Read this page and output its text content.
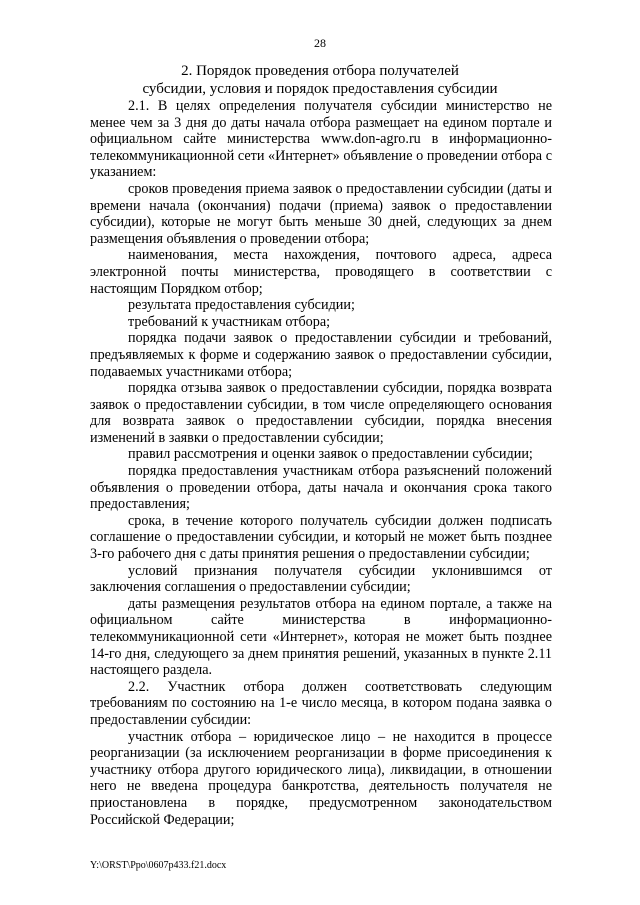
28
2. Порядок проведения отбора получателей
субсидии, условия и порядок предоставления субсидии

2.1. В целях определения получателя субсидии министерство не менее чем за 3 дня до даты начала отбора размещает на едином портале и официальном сайте министерства www.don-agro.ru в информационно-телекоммуникационной сети «Интернет» объявление о проведении отбора с указанием:

сроков проведения приема заявок о предоставлении субсидии (даты и времени начала (окончания) подачи (приема) заявок о предоставлении субсидии), которые не могут быть меньше 30 дней, следующих за днем размещения объявления о проведении отбора;

наименования, места нахождения, почтового адреса, адреса электронной почты министерства, проводящего в соответствии с настоящим Порядком отбор;

результата предоставления субсидии;

требований к участникам отбора;

порядка подачи заявок о предоставлении субсидии и требований, предъявляемых к форме и содержанию заявок о предоставлении субсидии, подаваемых участниками отбора;

порядка отзыва заявок о предоставлении субсидии, порядка возврата заявок о предоставлении субсидии, в том числе определяющего основания для возврата заявок о предоставлении субсидии, порядка внесения изменений в заявки о предоставлении субсидии;

правил рассмотрения и оценки заявок о предоставлении субсидии;

порядка предоставления участникам отбора разъяснений положений объявления о проведении отбора, даты начала и окончания срока такого предоставления;

срока, в течение которого получатель субсидии должен подписать соглашение о предоставлении субсидии, и который не может быть позднее 3-го рабочего дня с даты принятия решения о предоставлении субсидии;

условий признания получателя субсидии уклонившимся от заключения соглашения о предоставлении субсидии;

даты размещения результатов отбора на едином портале, а также на официальном сайте министерства в информационно-телекоммуникационной сети «Интернет», которая не может быть позднее 14-го дня, следующего за днем принятия решений, указанных в пункте 2.11 настоящего раздела.

2.2. Участник отбора должен соответствовать следующим требованиям по состоянию на 1-е число месяца, в котором подана заявка о предоставлении субсидии:

участник отбора – юридическое лицо – не находится в процессе реорганизации (за исключением реорганизации в форме присоединения к участнику отбора другого юридического лица), ликвидации, в отношении него не введена процедура банкротства, деятельность получателя не приостановлена в порядке, предусмотренном законодательством Российской Федерации;

Y:\ORST\Ppo\0607p433.f21.docx
